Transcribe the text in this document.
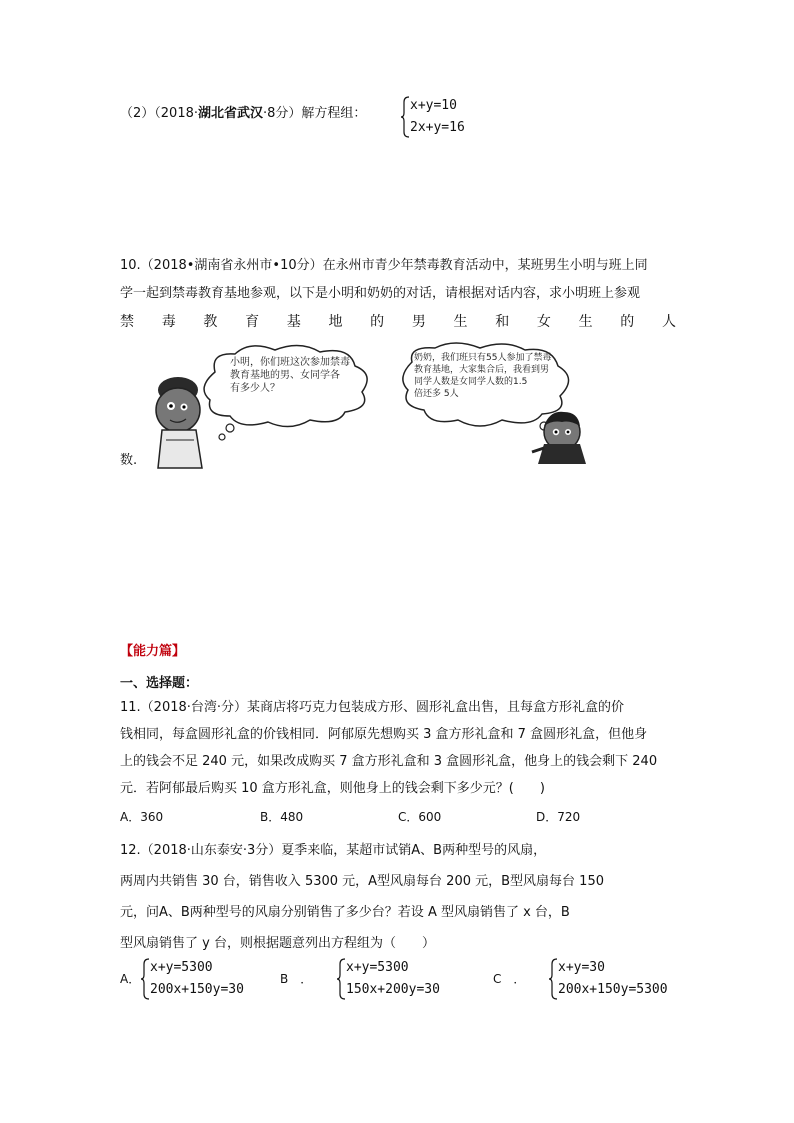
（2）（2018·湖北省武汉·8分）解方程组：
x+y=10
2x+y=16
10.（2018•湖南省永州市•10分）在永州市青少年禁毒教育活动中，某班男生小明与班上同
学一起到禁毒教育基地参观，以下是小明和奶奶的对话，请根据对话内容，求小明班上参观
禁 毒 教 育 基 地 的 男 生 和 女 生 的 人
小明，你们班这次参加禁毒
教育基地的男、女同学各
有多少人？
奶奶，我们班只有55人参加了禁毒
教育基地，大家集合后，我看到男
同学人数是女同学人数的1.5
倍还多 5人
数.
【能力篇】
一、选择题：
11.（2018·台湾·分）某商店将巧克力包装成方形、圆形礼盒出售，且每盒方形礼盒的价
钱相同，每盒圆形礼盒的价钱相同．阿郁原先想购买 3 盒方形礼盒和 7 盒圆形礼盒，但他身
上的钱会不足 240 元，如果改成购买 7 盒方形礼盒和 3 盒圆形礼盒，他身上的钱会剩下 240
元．若阿郁最后购买 10 盒方形礼盒，则他身上的钱会剩下多少元？(　　)
A．360	B．480	C．600	D．720
12.（2018·山东泰安·3分）夏季来临，某超市试销A、B两种型号的风扇，
两周内共销售 30 台，销售收入 5300 元，A型风扇每台 200 元，B型风扇每台 150
元，问A、B两种型号的风扇分别销售了多少台？若设 A 型风扇销售了 x 台，B
型风扇销售了 y 台，则根据题意列出方程组为（　　）
A．
x+y=5300
200x+150y=30
B　．
x+y=5300
150x+200y=30
C　．
x+y=30
200x+150y=5300
